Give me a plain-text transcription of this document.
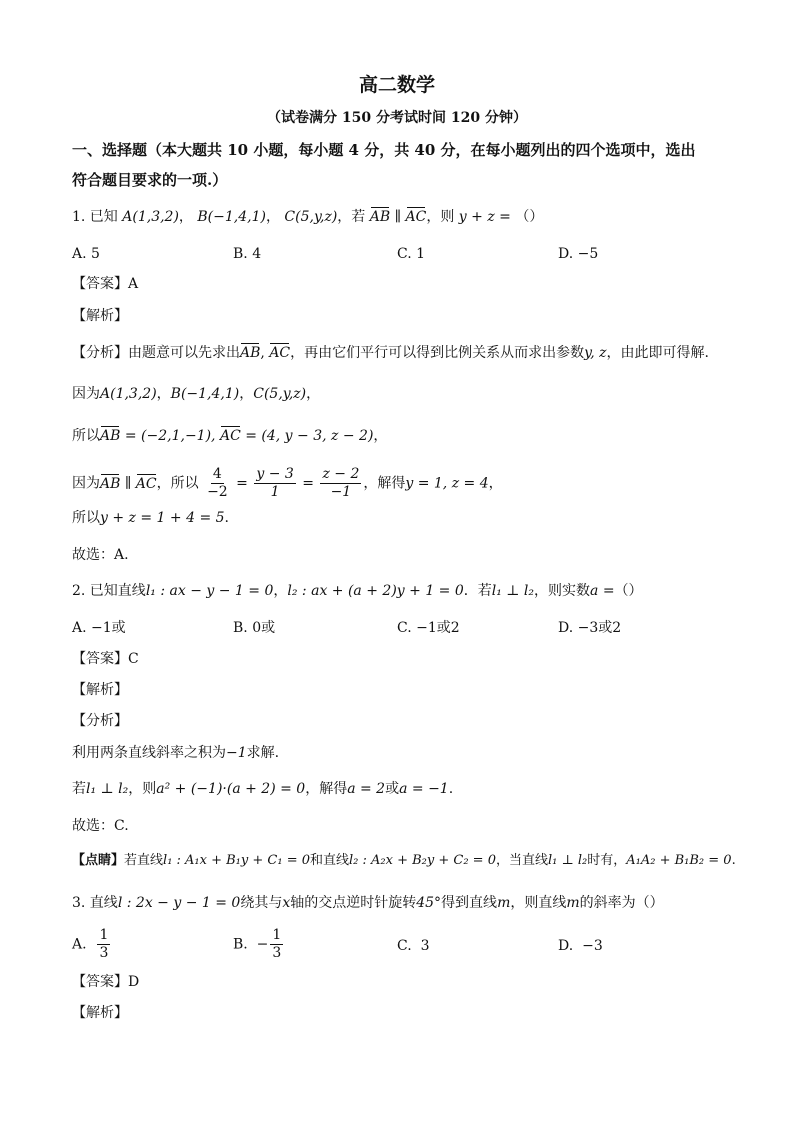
高二数学
（试卷满分 150 分考试时间 120 分钟）
一、选择题（本大题共 10 小题，每小题 4 分，共 40 分，在每小题列出的四个选项中，选出
符合题目要求的一项.）
1. 已知 A(1,3,2)， B(−1,4,1)， C(5,y,z)，若 AB ∥ AC，则 y + z = （）
A. 5	B. 4	C. 1	D. −5
【答案】A
【解析】
【分析】由题意可以先求出AB, AC，再由它们平行可以得到比例关系从而求出参数y, z，由此即可得解.
因为A(1,3,2)，B(−1,4,1)，C(5,y,z)，
所以AB = (−2,1,−1), AC = (4, y − 3, z − 2)，
因为AB ∥ AC，所以 $\frac{4}{-2} = \frac{y - 3}{1} = \frac{z - 2}{-1}$ ，解得y = 1, z = 4，
所以y + z = 1 + 4 = 5.
故选：A.
2. 已知直线l₁ : ax − y − 1 = 0，l₂ : ax + (a + 2)y + 1 = 0．若l₁ ⊥ l₂，则实数a =（）
A. −1或	B. 0或	C. −1或2	D. −3或2
【答案】C
【解析】
【分析】
利用两条直线斜率之积为−1求解.
若l₁ ⊥ l₂，则a² + (−1)·(a + 2) = 0，解得a = 2或a = −1.
故选：C.
【点睛】若直线l₁ : A₁x + B₁y + C₁ = 0和直线l₂ : A₂x + B₂y + C₂ = 0，当直线l₁ ⊥ l₂时有，A₁A₂ + B₁B₂ = 0.
3. 直线l : 2x − y − 1 = 0绕其与x轴的交点逆时针旋转45°得到直线m，则直线m的斜率为（）
A. $\frac{1}{3}$	B. − $\frac{1}{3}$	C. 3	D. −3
【答案】D
【解析】
